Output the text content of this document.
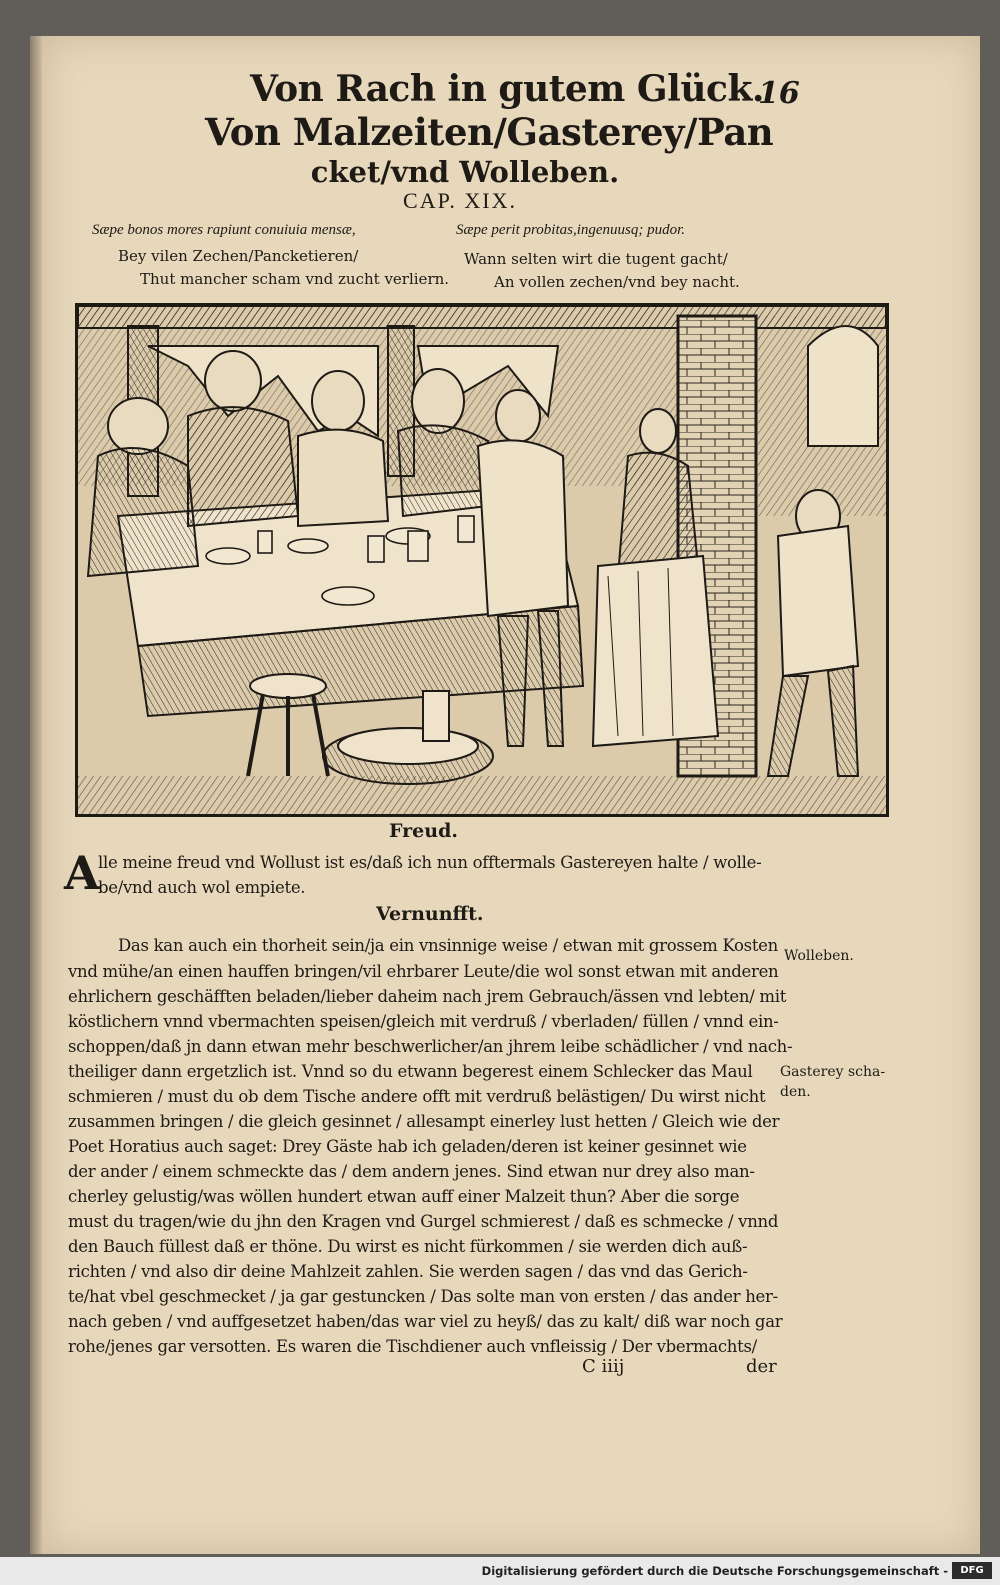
Von Rach in gutem Glück.
16
Von Malzeiten/Gasterey/Pan
cket/vnd Wolleben.
CAP. XIX.
Sæpe bonos mores rapiunt conuiuia mensæ,	Sæpe perit probitas,ingenuusq; pudor.
Bey vilen Zechen/Pancketieren/
Thut mancher scham vnd zucht verliern.
Wann selten wirt die tugent gacht/
An vollen zechen/vnd bey nacht.
Freud.
A
lle meine freud vnd Wollust ist es/daß ich nun offtermals Gastereyen halte / wolle-
be/vnd auch wol empiete.
Vernunfft.
Das kan auch ein thorheit sein/ja ein vnsinnige weise / etwan mit grossem Kosten
vnd mühe/an einen hauffen bringen/vil ehrbarer Leute/die wol sonst etwan mit anderen
ehrlichern geschäfften beladen/lieber daheim nach jrem Gebrauch/ässen vnd lebten/ mit
köstlichern vnnd vbermachten speisen/gleich mit verdruß / vberladen/ füllen / vnnd ein-
schoppen/daß jn dann etwan mehr beschwerlicher/an jhrem leibe schädlicher / vnd nach-
theiliger dann ergetzlich ist. Vnnd so du etwann begerest einem Schlecker das Maul
schmieren / must du ob dem Tische andere offt mit verdruß belästigen/ Du wirst nicht
zusammen bringen / die gleich gesinnet / allesampt einerley lust hetten / Gleich wie der
Poet Horatius auch saget: Drey Gäste hab ich geladen/deren ist keiner gesinnet wie
der ander / einem schmeckte das / dem andern jenes. Sind etwan nur drey also man-
cherley gelustig/was wöllen hundert etwan auff einer Malzeit thun? Aber die sorge
must du tragen/wie du jhn den Kragen vnd Gurgel schmierest / daß es schmecke / vnnd
den Bauch füllest daß er thöne. Du wirst es nicht fürkommen / sie werden dich auß-
richten / vnd also dir deine Mahlzeit zahlen. Sie werden sagen / das vnd das Gerich-
te/hat vbel geschmecket / ja gar gestuncken / Das solte man von ersten / das ander her-
nach geben / vnd auffgesetzet haben/das war viel zu heyß/ das zu kalt/ diß war noch gar
rohe/jenes gar versotten. Es waren die Tischdiener auch vnfleissig / Der vbermachts/
Wolleben.
Gasterey scha-
den.
C iiij	der
Digitalisierung gefördert durch die Deutsche Forschungsgemeinschaft -	DFG
